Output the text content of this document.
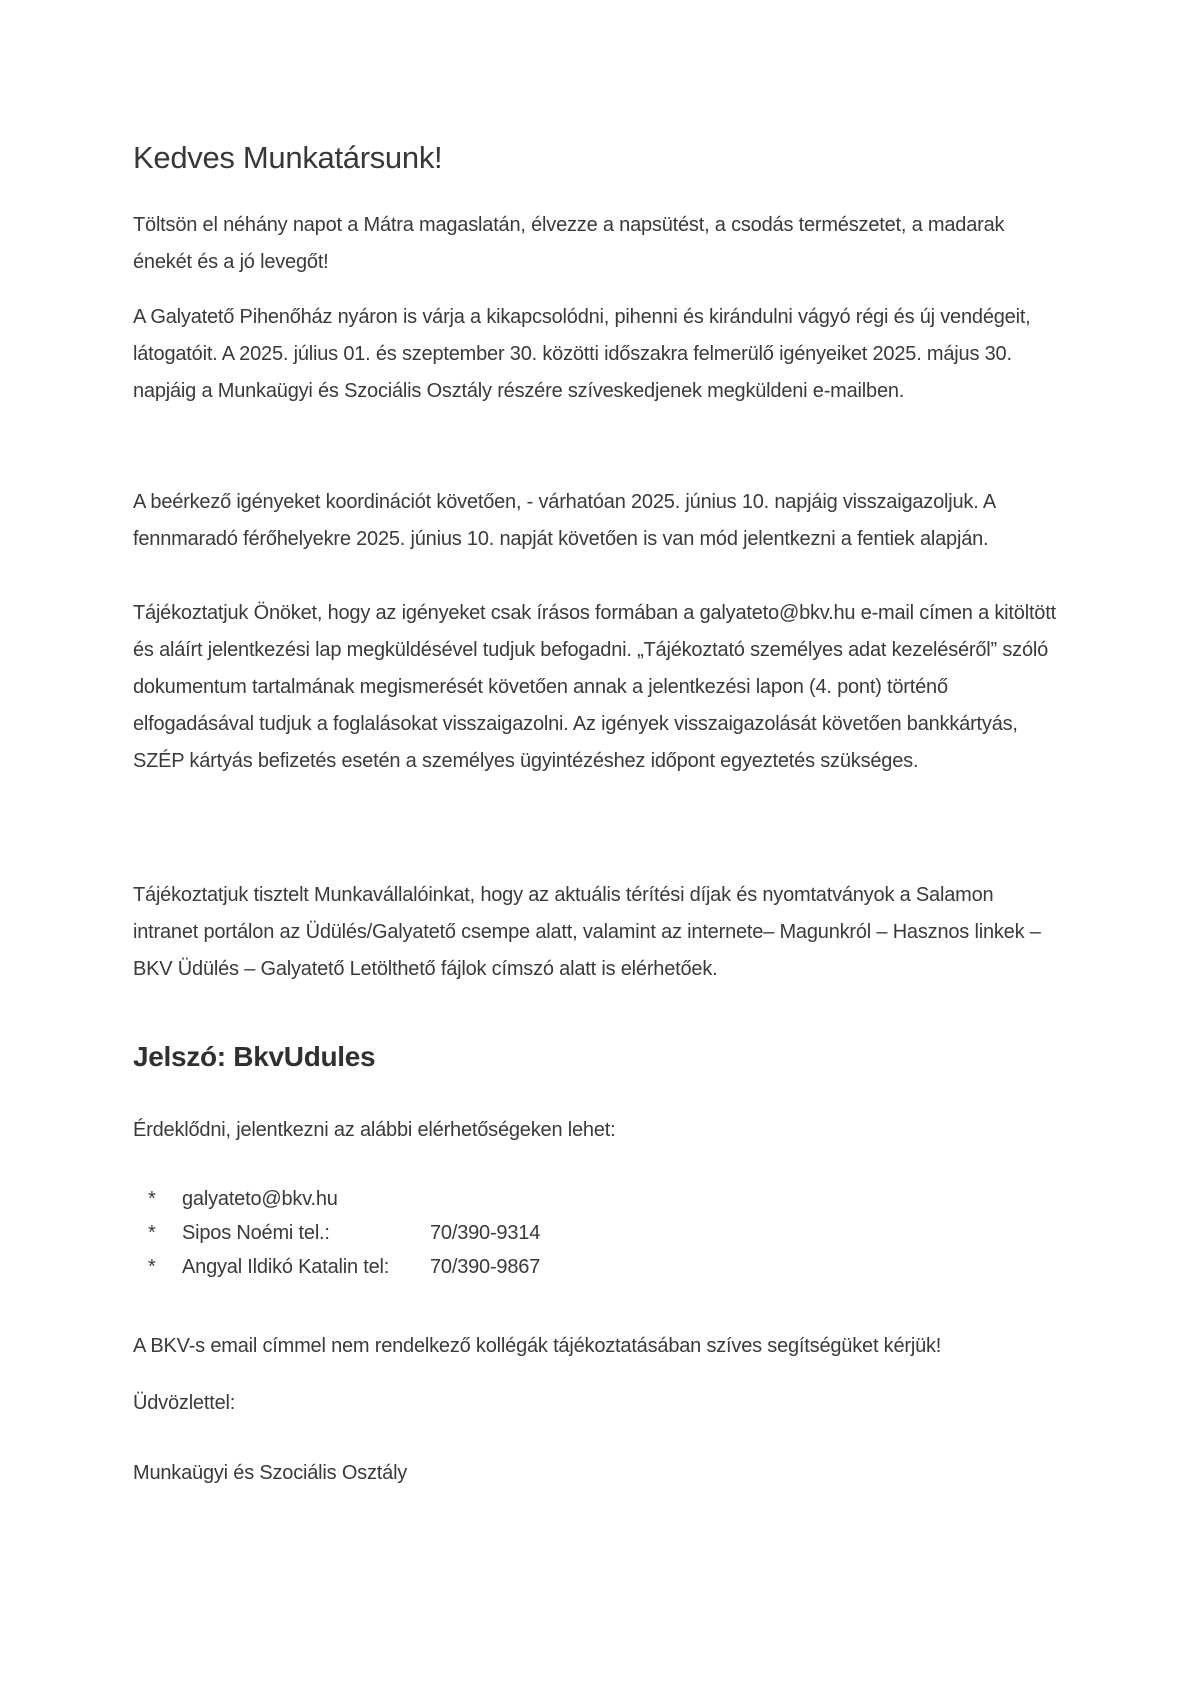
Kedves Munkatársunk!

Töltsön el néhány napot a Mátra magaslatán, élvezze a napsütést, a csodás természetet, a madarak énekét és a jó levegőt!

A Galyatető Pihenőház nyáron is várja a kikapcsolódni, pihenni és kirándulni vágyó régi és új vendégeit, látogatóit. A 2025. július 01. és szeptember 30. közötti időszakra felmerülő igényeiket 2025. május 30. napjáig a Munkaügyi és Szociális Osztály részére szíveskedjenek megküldeni e-mailben.

A beérkező igényeket koordinációt követően, - várhatóan 2025. június 10. napjáig visszaigazoljuk. A fennmaradó férőhelyekre 2025. június 10. napját követően is van mód jelentkezni a fentiek alapján.

Tájékoztatjuk Önöket, hogy az igényeket csak írásos formában a galyateto@bkv.hu e-mail címen a kitöltött és aláírt jelentkezési lap megküldésével tudjuk befogadni. „Tájékoztató személyes adat kezeléséről” szóló dokumentum tartalmának megismerését követően annak a jelentkezési lapon (4. pont) történő elfogadásával tudjuk a foglalásokat visszaigazolni. Az igények visszaigazolását követően bankkártyás, SZÉP kártyás befizetés esetén a személyes ügyintézéshez időpont egyeztetés szükséges.

Tájékoztatjuk tisztelt Munkavállalóinkat, hogy az aktuális térítési díjak és nyomtatványok a Salamon intranet portálon az Üdülés/Galyatető csempe alatt, valamint az internete– Magunkról – Hasznos linkek – BKV Üdülés – Galyatető Letölthető fájlok címszó alatt is elérhetőek.

Jelszó: BkvUdules

Érdeklődni, jelentkezni az alábbi elérhetőségeken lehet:

* galyateto@bkv.hu
* Sipos Noémi tel.:	70/390-9314
* Angyal Ildikó Katalin tel: 70/390-9867

A BKV-s email címmel nem rendelkező kollégák tájékoztatásában szíves segítségüket kérjük!

Üdvözlettel:

Munkaügyi és Szociális Osztály
